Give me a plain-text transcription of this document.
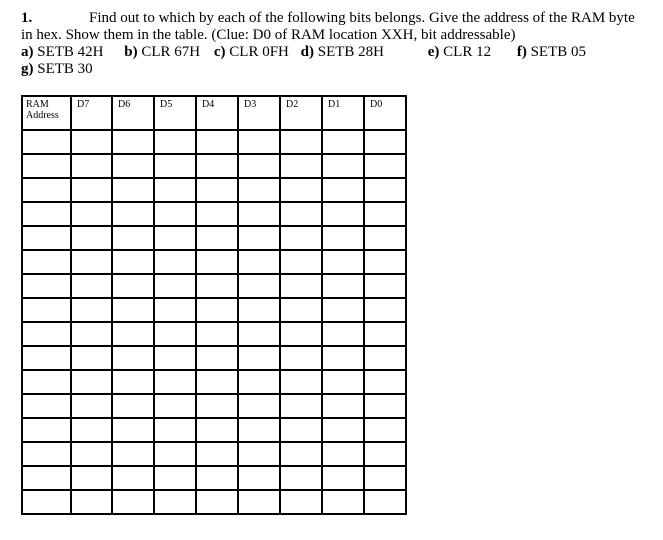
1.	Find out to which by each of the following bits belongs. Give the address of the RAM byte
in hex. Show them in the table. (Clue: D0 of RAM location XXH, bit addressable)
a) SETB 42H b) CLR 67H c) CLR 0FH d) SETB 28H	e) CLR 12 f) SETB 05
g) SETB 30
RAM
Address	D7	D6	D5	D4	D3	D2	D1	D0
